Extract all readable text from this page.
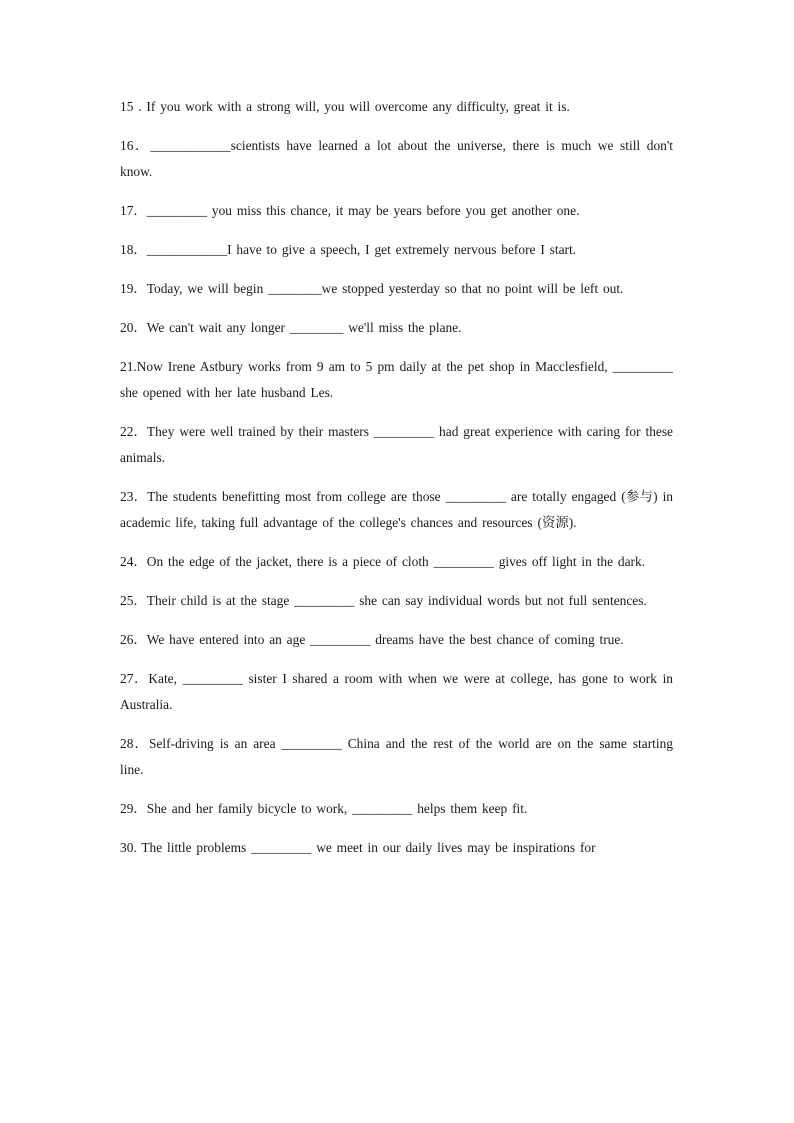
15 . If you work with a strong will, you will overcome any difficulty, great it is.

16．____________scientists have learned a lot about the universe, there is much we still don't know.

17．_________ you miss this chance, it may be years before you get another one.

18．____________I have to give a speech, I get extremely nervous before I start.

19．Today, we will begin ________we stopped yesterday so that no point will be left out.

20．We can't wait any longer ________ we'll miss the plane.

21.Now Irene Astbury works from 9 am to 5 pm daily at the pet shop in Macclesfield, _________ she opened with her late husband Les.

22．They were well trained by their masters _________ had great experience with caring for these animals.

23．The students benefitting most from college are those _________ are totally engaged (参与) in academic life, taking full advantage of the college's chances and resources (资源).

24．On the edge of the jacket, there is a piece of cloth _________ gives off light in the dark.

25．Their child is at the stage _________ she can say individual words but not full sentences.

26．We have entered into an age _________ dreams have the best chance of coming true.

27．Kate, _________ sister I shared a room with when we were at college, has gone to work in Australia.

28．Self-driving is an area _________ China and the rest of the world are on the same starting line.

29．She and her family bicycle to work, _________ helps them keep fit.

30. The little problems _________ we meet in our daily lives may be inspirations for
